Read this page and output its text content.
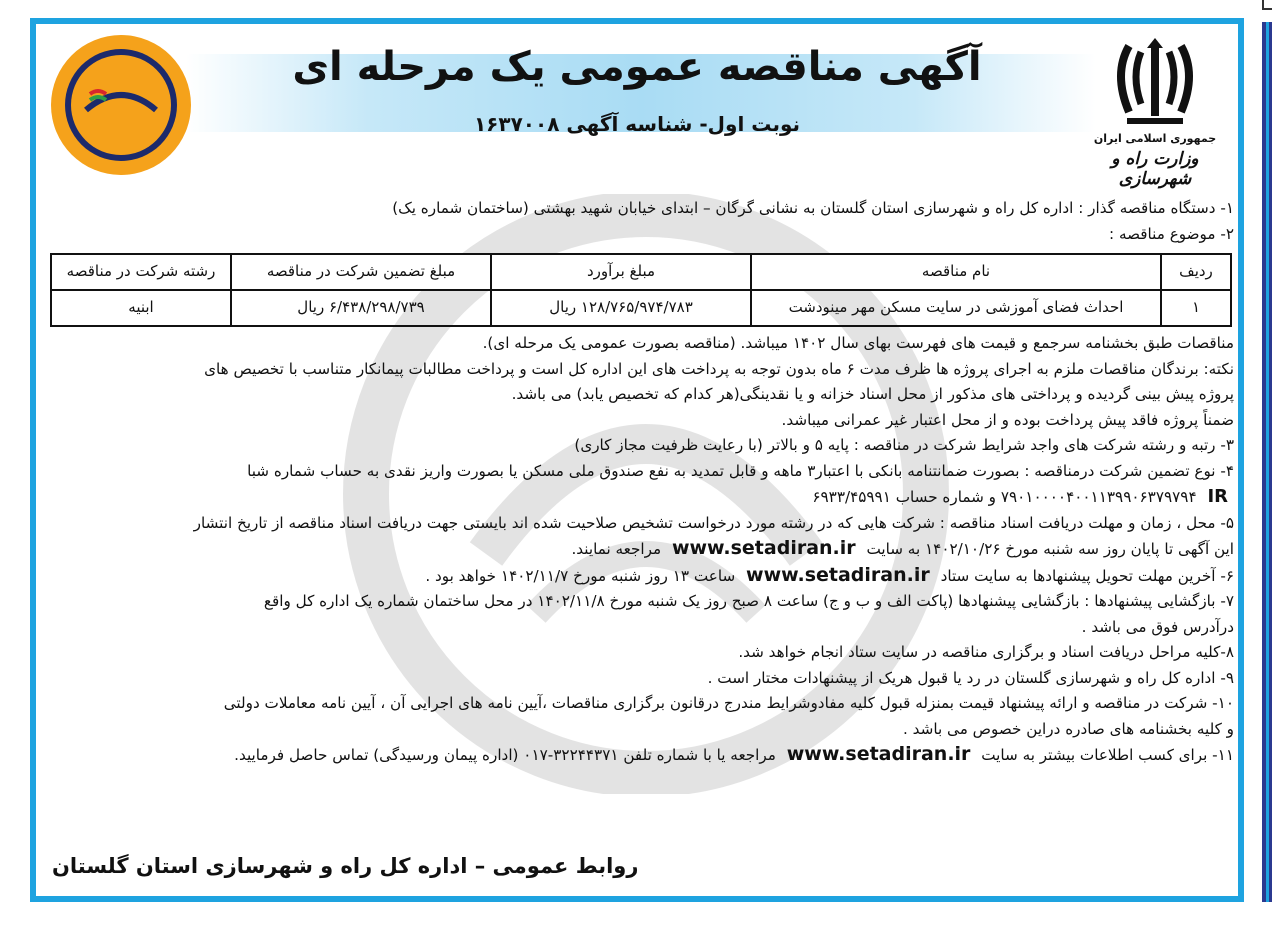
آگهی مناقصه عمومی یک مرحله ای
نوبت اول- شناسه آگهی ۱۶۳۷۰۰۸
جمهوری اسلامی ایران
وزارت راه و شهرسازی
۱- دستگاه مناقصه گذار : اداره کل راه و شهرسازی استان گلستان به نشانی گرگان – ابتدای خیابان شهید بهشتی (ساختمان شماره یک)
۲- موضوع مناقصه :
ردیف	نام مناقصه	مبلغ برآورد	مبلغ تضمین شرکت در مناقصه	رشته شرکت در مناقصه
۱	احداث فضای آموزشی در سایت مسکن مهر مینودشت	۱۲۸/۷۶۵/۹۷۴/۷۸۳ ریال	۶/۴۳۸/۲۹۸/۷۳۹ ریال	ابنیه
مناقصات طبق بخشنامه سرجمع و قیمت های فهرست بهای سال ۱۴۰۲ میباشد. (مناقصه بصورت عمومی یک مرحله ای).
نکته: برندگان مناقصات ملزم به اجرای پروژه ها ظرف مدت ۶ ماه بدون توجه به پرداخت های این اداره کل است و پرداخت مطالبات پیمانکار متناسب با تخصیص های
پروژه پیش بینی گردیده و پرداختی های مذکور از محل اسناد خزانه و یا نقدینگی(هر کدام که تخصیص یابد) می باشد.
ضمناً پروژه فاقد پیش پرداخت بوده و از محل اعتبار غیر عمرانی میباشد.
۳- رتبه و رشته شرکت های واجد شرایط شرکت در مناقصه : پایه ۵ و بالاتر (با رعایت ظرفیت مجاز کاری)
۴- نوع تضمین شرکت درمناقصه : بصورت ضمانتنامه بانکی با اعتبار۳ ماهه و قابل تمدید به نفع صندوق ملی مسکن یا بصورت واریز نقدی به حساب شماره شبا
IR ۷۹۰۱۰۰۰۰۴۰۰۱۱۳۹۹۰۶۳۷۹۷۹۴ و شماره حساب ۶۹۳۳/۴۵۹۹۱
۵- محل ، زمان و مهلت دریافت اسناد مناقصه : شرکت هایی که در رشته مورد درخواست تشخیص صلاحیت شده اند بایستی جهت دریافت اسناد مناقصه از تاریخ انتشار
این آگهی تا پایان روز سه شنبه مورخ ۱۴۰۲/۱۰/۲۶ به سایت www.setadiran.ir مراجعه نمایند.
۶- آخرین مهلت تحویل پیشنهادها به سایت ستاد www.setadiran.ir ساعت ۱۳ روز شنبه مورخ ۱۴۰۲/۱۱/۷ خواهد بود .
۷- بازگشایی پیشنهادها : بازگشایی پیشنهادها (پاکت الف و ب و ج) ساعت ۸ صبح روز یک شنبه مورخ ۱۴۰۲/۱۱/۸ در محل ساختمان شماره یک اداره کل واقع
درآدرس فوق می باشد .
۸-کلیه مراحل دریافت اسناد و برگزاری مناقصه در سایت ستاد انجام خواهد شد.
۹- اداره کل راه و شهرسازی گلستان در رد یا قبول هریک از پیشنهادات مختار است .
۱۰- شرکت در مناقصه و ارائه پیشنهاد قیمت بمنزله قبول کلیه مفادوشرایط مندرج درقانون برگزاری مناقصات ،آیین نامه های اجرایی آن ، آیین نامه معاملات دولتی
و کلیه بخشنامه های صادره دراین خصوص می باشد .
۱۱- برای کسب اطلاعات بیشتر به سایت www.setadiran.ir مراجعه یا با شماره تلفن ۳۲۲۴۴۳۷۱-۰۱۷ (اداره پیمان ورسیدگی) تماس حاصل فرمایید.
روابط عمومی – اداره کل راه و شهرسازی استان گلستان
